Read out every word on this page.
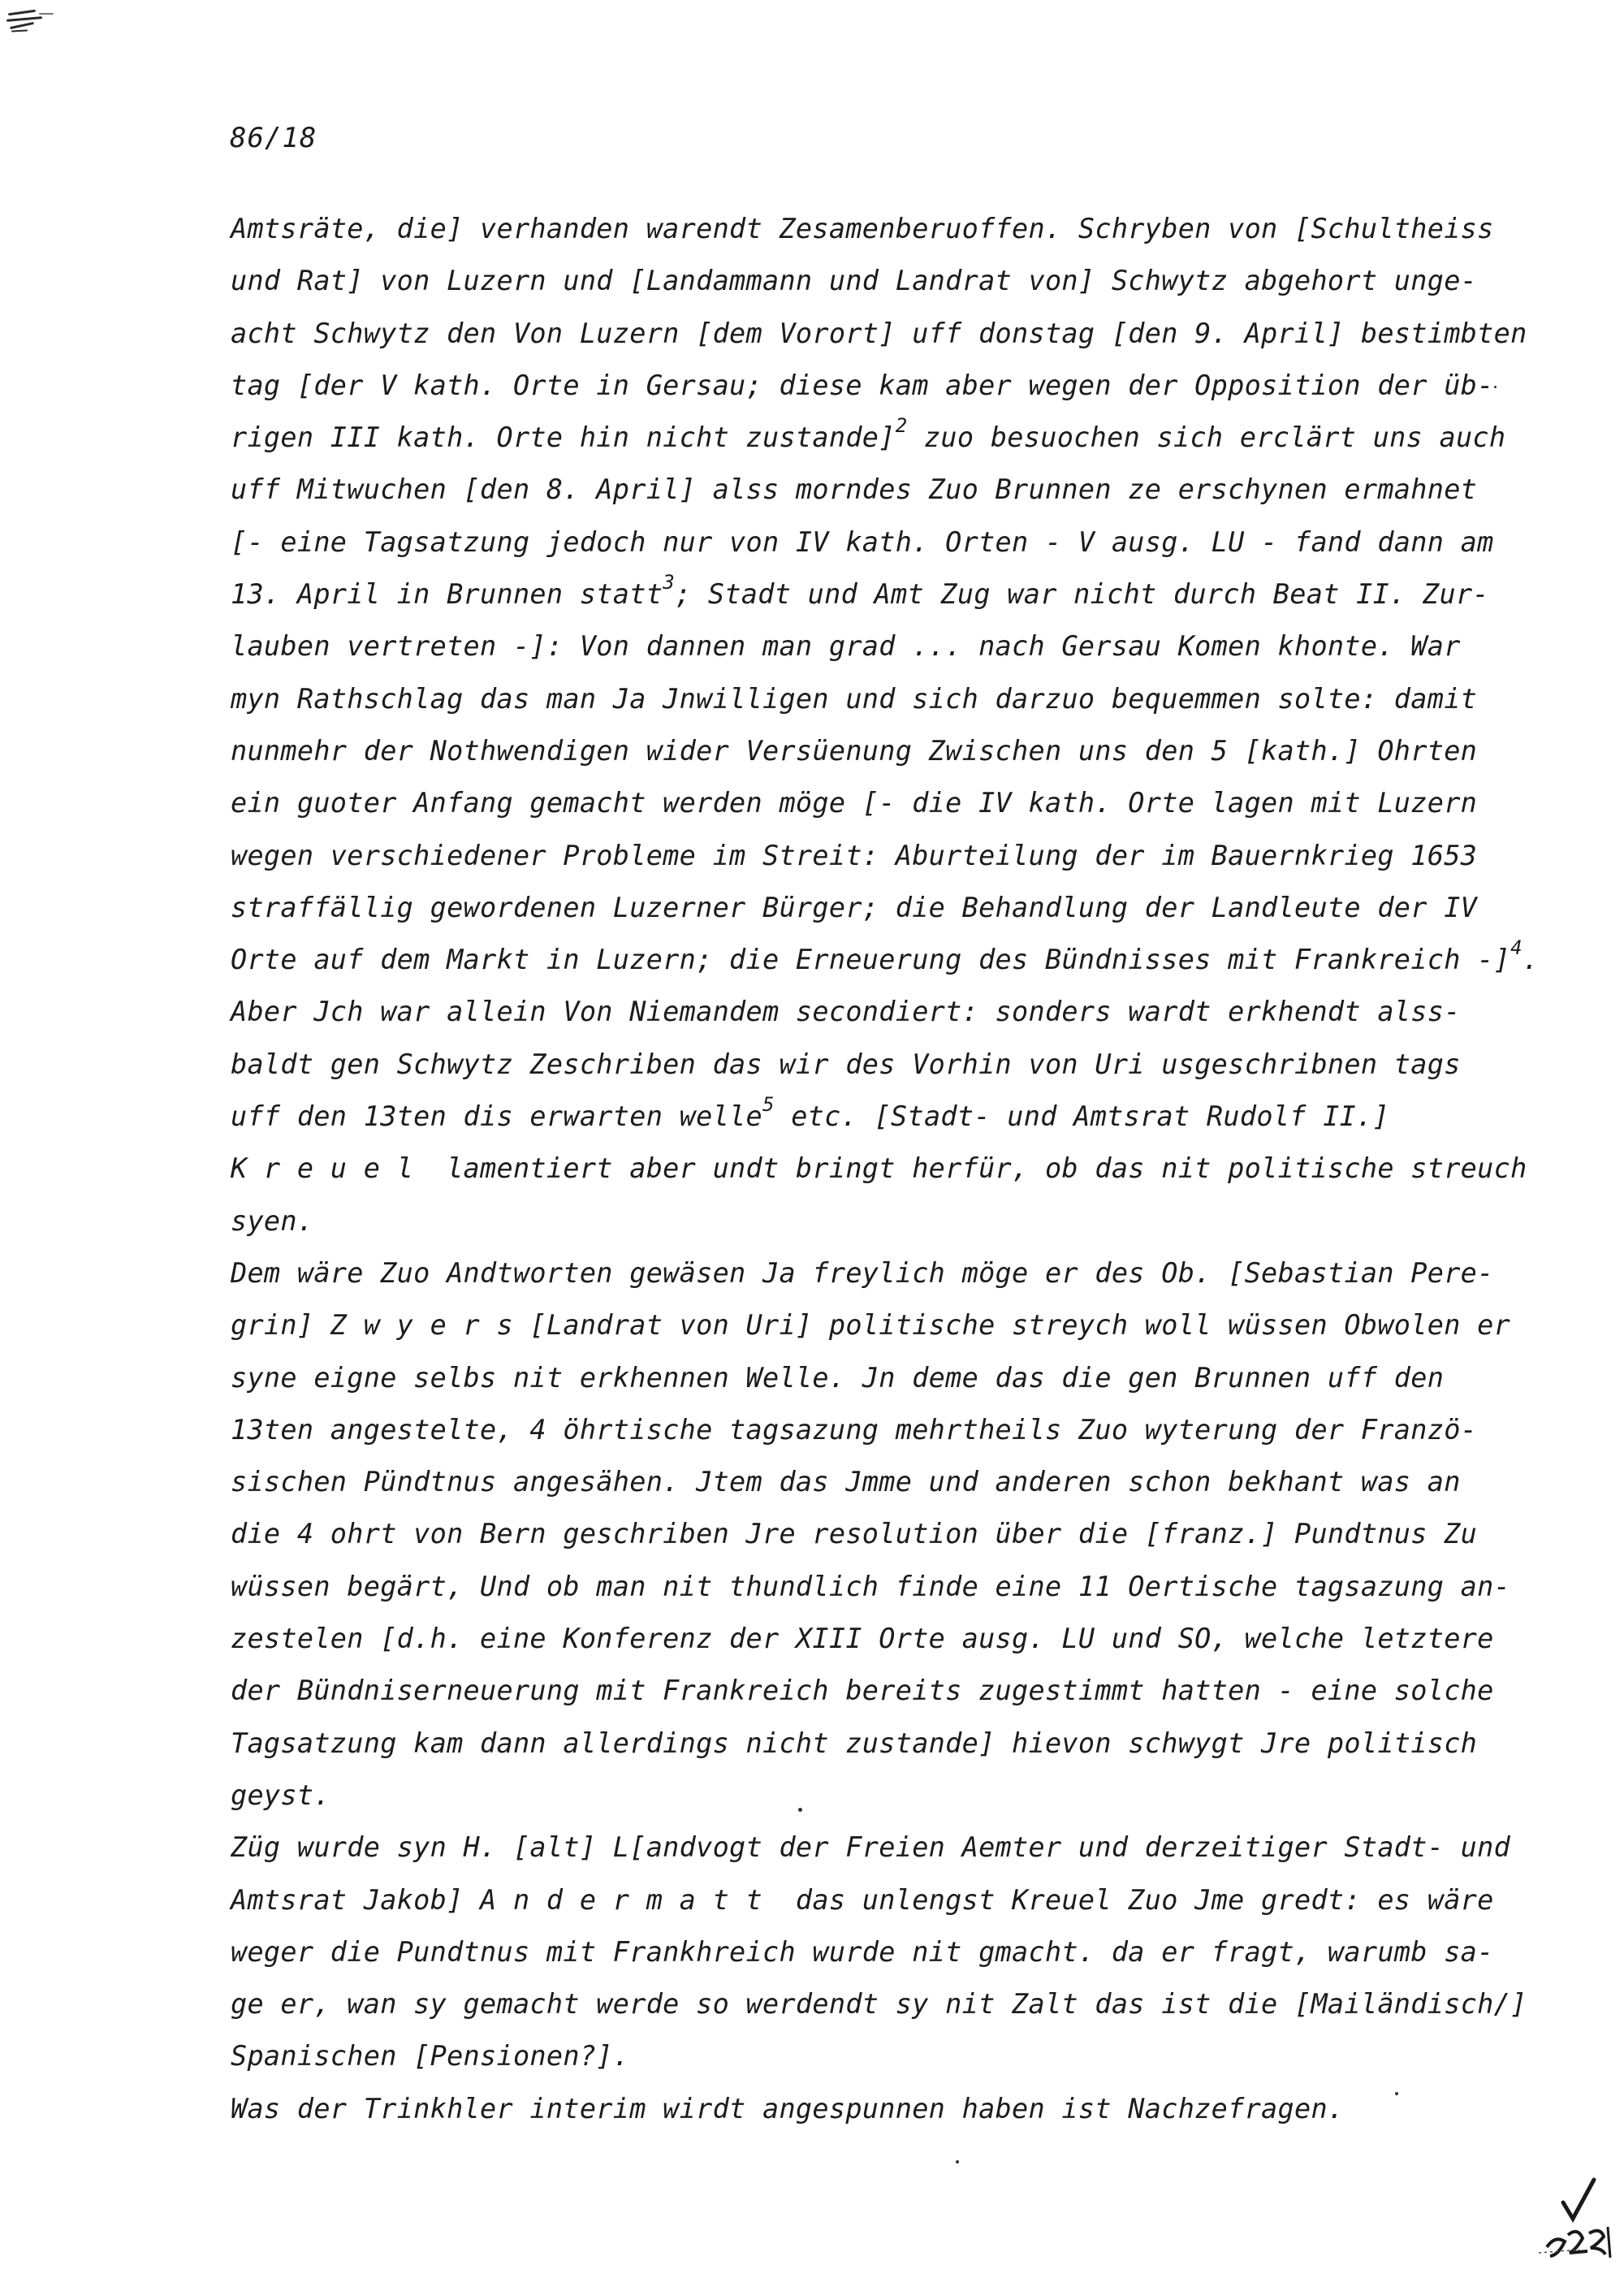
86/18
Amtsräte, die] verhanden warendt Zesamenberuoffen. Schryben von [Schultheiss
und Rat] von Luzern und [Landammann und Landrat von] Schwytz abgehort unge-
acht Schwytz den Von Luzern [dem Vorort] uff donstag [den 9. April] bestimbten
tag [der V kath. Orte in Gersau; diese kam aber wegen der Opposition der üb-
rigen III kath. Orte hin nicht zustande]$^2$ zuo besuochen sich erclärt uns auch
uff Mitwuchen [den 8. April] alss morndes Zuo Brunnen ze erschynen ermahnet
[- eine Tagsatzung jedoch nur von IV kath. Orten - V ausg. LU - fand dann am
13. April in Brunnen statt$^3$; Stadt und Amt Zug war nicht durch Beat II. Zur-
lauben vertreten -]: Von dannen man grad ... nach Gersau Komen khonte. War
myn Rathschlag das man Ja Jnwilligen und sich darzuo bequemmen solte: damit
nunmehr der Nothwendigen wider Versüenung Zwischen uns den 5 [kath.] Ohrten
ein guoter Anfang gemacht werden möge [- die IV kath. Orte lagen mit Luzern
wegen verschiedener Probleme im Streit: Aburteilung der im Bauernkrieg 1653
straffällig gewordenen Luzerner Bürger; die Behandlung der Landleute der IV
Orte auf dem Markt in Luzern; die Erneuerung des Bündnisses mit Frankreich -]$^4$.
Aber Jch war allein Von Niemandem secondiert: sonders wardt erkhendt alss-
baldt gen Schwytz Zeschriben das wir des Vorhin von Uri usgeschribnen tags
uff den 13ten dis erwarten welle$^5$ etc. [Stadt- und Amtsrat Rudolf II.]
K r e u e l  lamentiert aber undt bringt herfür, ob das nit politische streuch
syen.
Dem wäre Zuo Andtworten gewäsen Ja freylich möge er des Ob. [Sebastian Pere-
grin] Z w y e r s [Landrat von Uri] politische streych woll wüssen Obwolen er
syne eigne selbs nit erkhennen Welle. Jn deme das die gen Brunnen uff den
13ten angestelte, 4 öhrtische tagsazung mehrtheils Zuo wyterung der Franzö-
sischen Pündtnus angesähen. Jtem das Jmme und anderen schon bekhant was an
die 4 ohrt von Bern geschriben Jre resolution über die [franz.] Pundtnus Zu
wüssen begärt, Und ob man nit thundlich finde eine 11 Oertische tagsazung an-
zestelen [d.h. eine Konferenz der XIII Orte ausg. LU und SO, welche letztere
der Bündniserneuerung mit Frankreich bereits zugestimmt hatten - eine solche
Tagsatzung kam dann allerdings nicht zustande] hievon schwygt Jre politisch
geyst.
Züg wurde syn H. [alt] L[andvogt der Freien Aemter und derzeitiger Stadt- und
Amtsrat Jakob] A n d e r m a t t  das unlengst Kreuel Zuo Jme gredt: es wäre
weger die Pundtnus mit Frankhreich wurde nit gmacht. da er fragt, warumb sa-
ge er, wan sy gemacht werde so werdendt sy nit Zalt das ist die [Mailändisch/]
Spanischen [Pensionen?].
Was der Trinkhler interim wirdt angespunnen haben ist Nachzefragen.
